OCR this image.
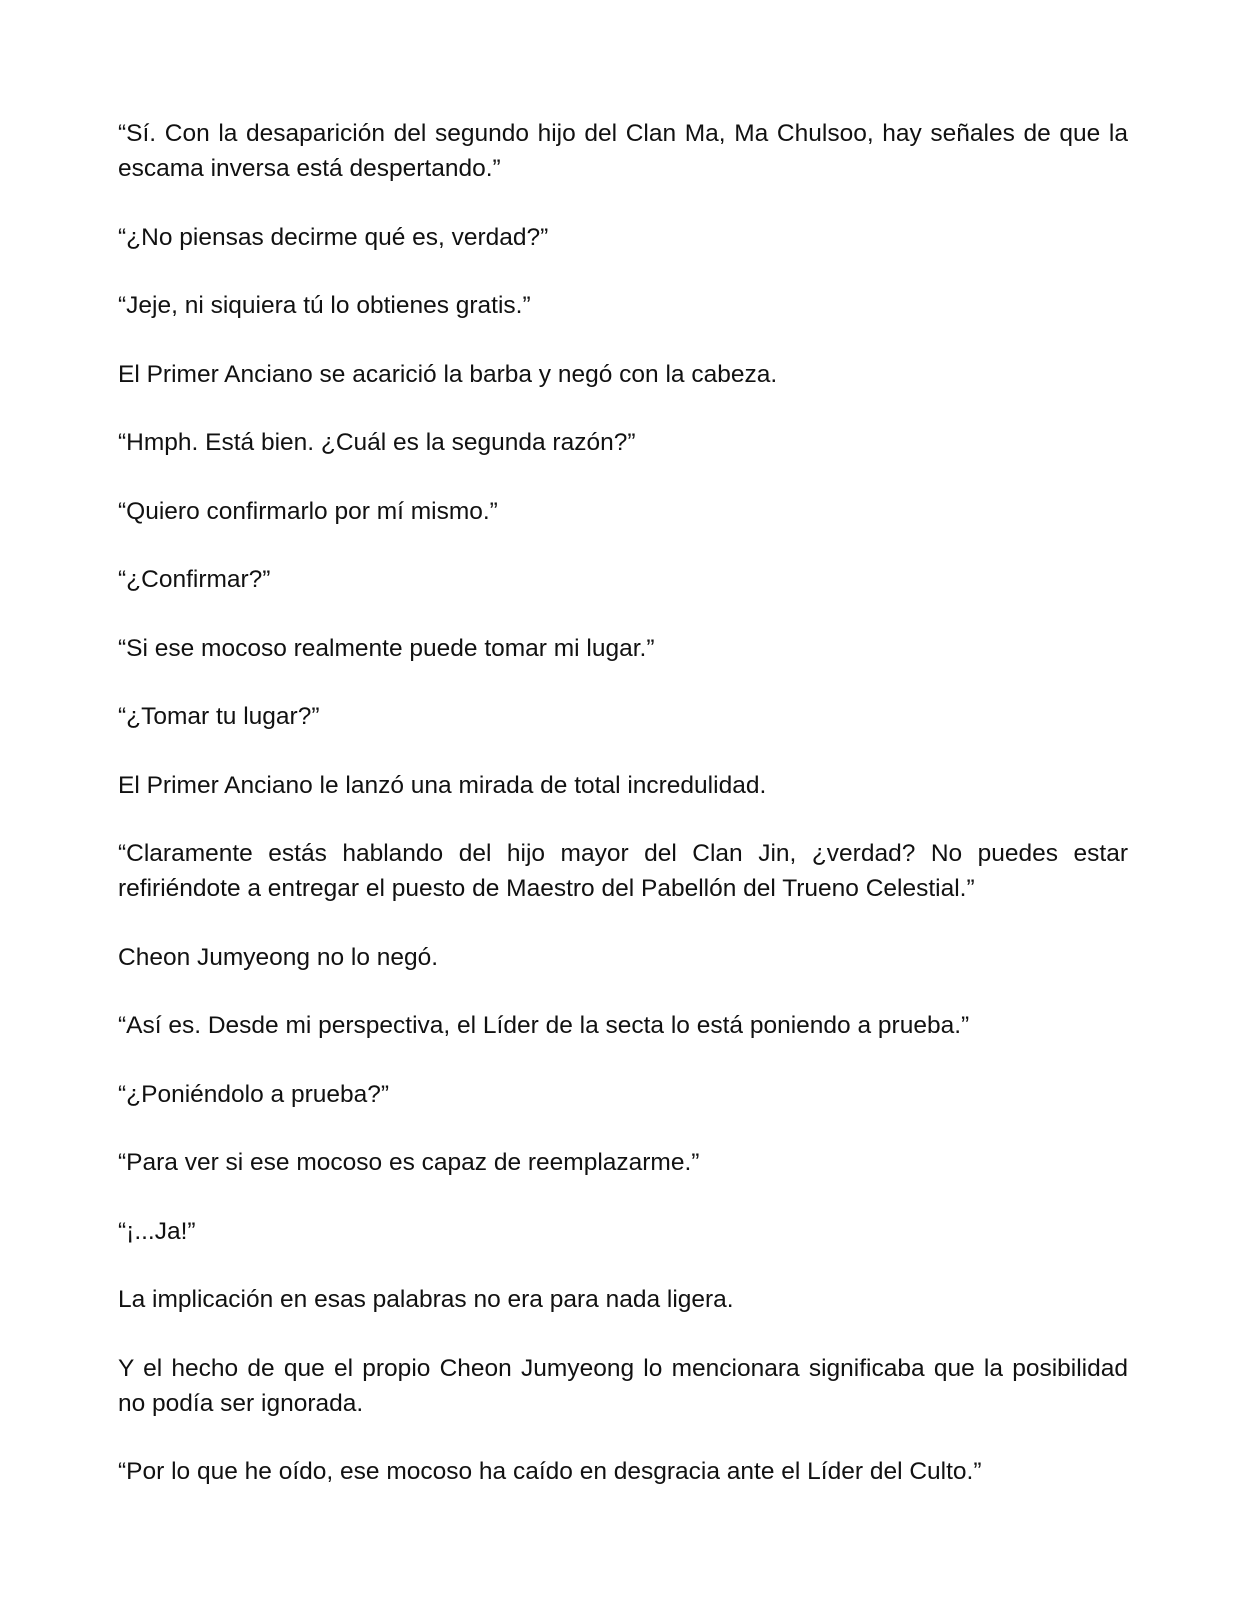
“Sí. Con la desaparición del segundo hijo del Clan Ma, Ma Chulsoo, hay señales de que la escama inversa está despertando.”

“¿No piensas decirme qué es, verdad?”

“Jeje, ni siquiera tú lo obtienes gratis.”

El Primer Anciano se acarició la barba y negó con la cabeza.

“Hmph. Está bien. ¿Cuál es la segunda razón?”

“Quiero confirmarlo por mí mismo.”

“¿Confirmar?”

“Si ese mocoso realmente puede tomar mi lugar.”

“¿Tomar tu lugar?”

El Primer Anciano le lanzó una mirada de total incredulidad.

“Claramente estás hablando del hijo mayor del Clan Jin, ¿verdad? No puedes estar refiriéndote a entregar el puesto de Maestro del Pabellón del Trueno Celestial.”

Cheon Jumyeong no lo negó.

“Así es. Desde mi perspectiva, el Líder de la secta lo está poniendo a prueba.”

“¿Poniéndolo a prueba?”

“Para ver si ese mocoso es capaz de reemplazarme.”

“¡...Ja!”

La implicación en esas palabras no era para nada ligera.

Y el hecho de que el propio Cheon Jumyeong lo mencionara significaba que la posibilidad no podía ser ignorada.

“Por lo que he oído, ese mocoso ha caído en desgracia ante el Líder del Culto.”
